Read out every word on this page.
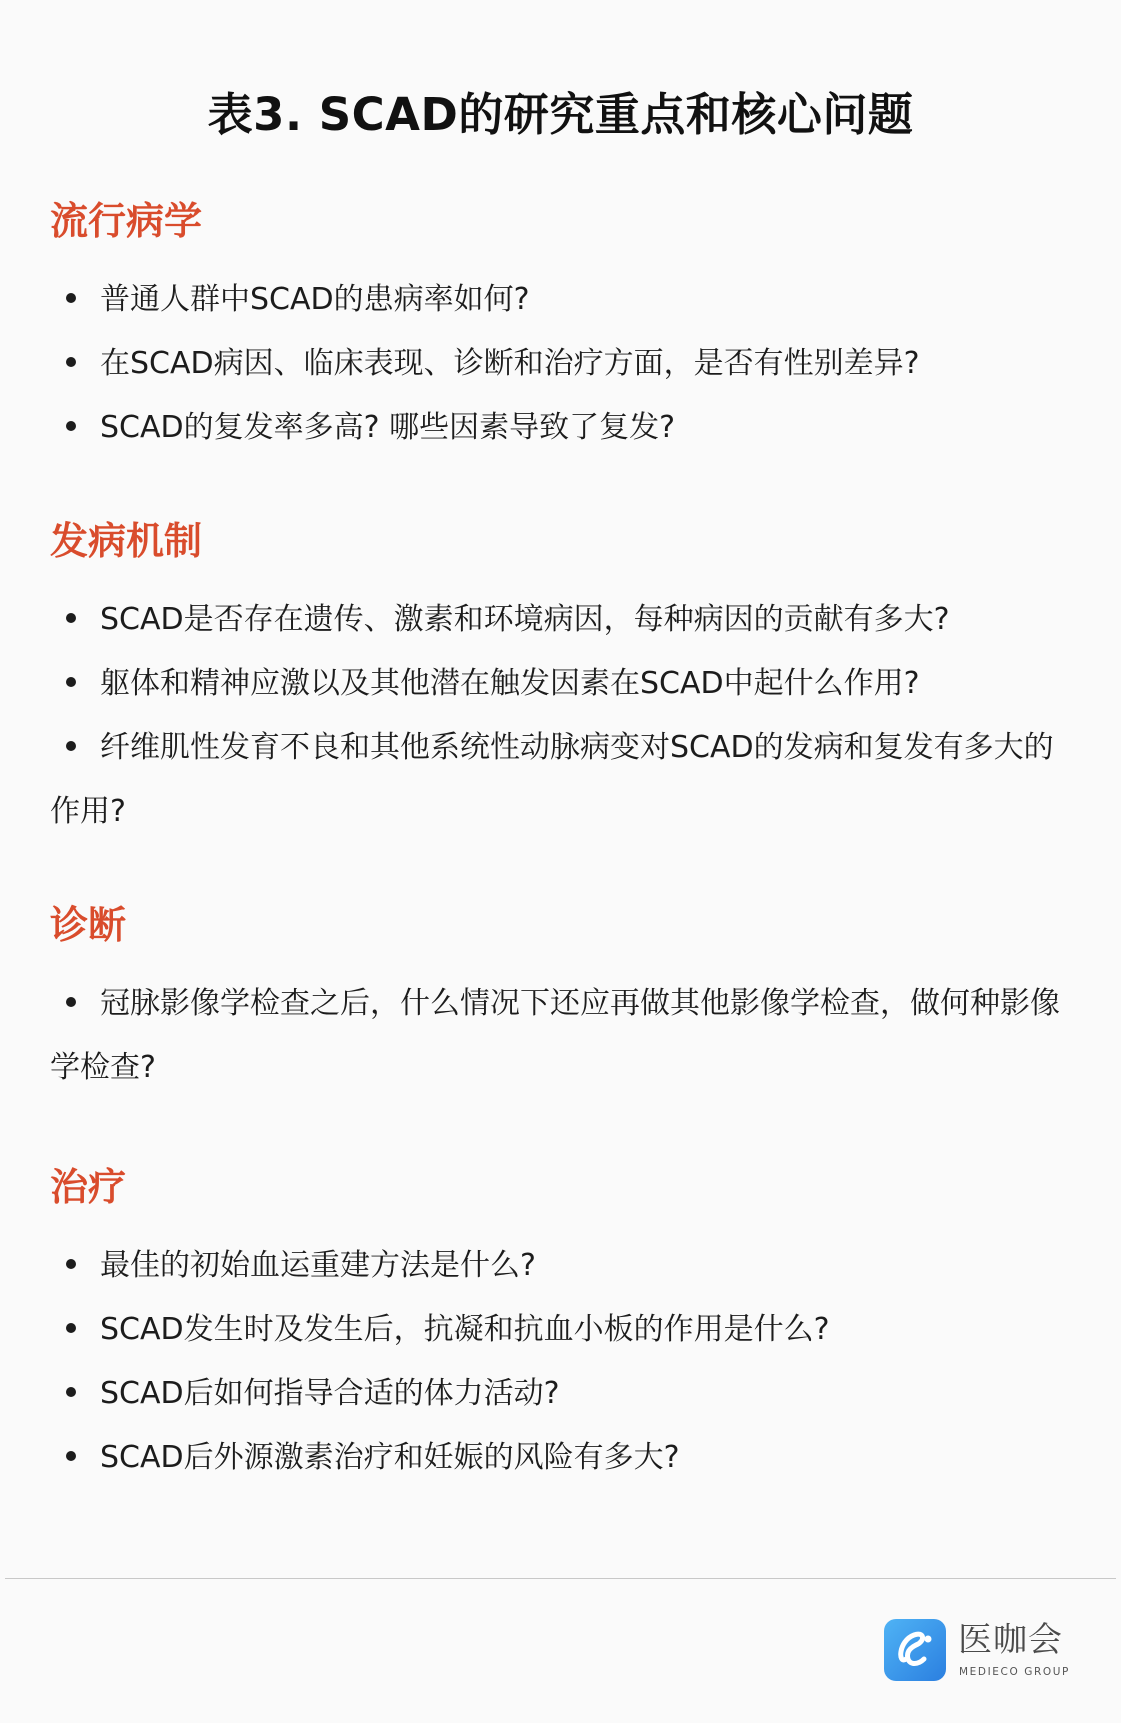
表3. SCAD的研究重点和核心问题
流行病学
普通人群中SCAD的患病率如何?
在SCAD病因、临床表现、诊断和治疗方面，是否有性别差异?
SCAD的复发率多高? 哪些因素导致了复发?
发病机制
SCAD是否存在遗传、激素和环境病因，每种病因的贡献有多大?
躯体和精神应激以及其他潜在触发因素在SCAD中起什么作用?
纤维肌性发育不良和其他系统性动脉病变对SCAD的发病和复发有多大的作用?
诊断
冠脉影像学检查之后，什么情况下还应再做其他影像学检查，做何种影像学检查?
治疗
最佳的初始血运重建方法是什么?
SCAD发生时及发生后，抗凝和抗血小板的作用是什么?
SCAD后如何指导合适的体力活动?
SCAD后外源激素治疗和妊娠的风险有多大?
医咖会
MEDIECO GROUP
